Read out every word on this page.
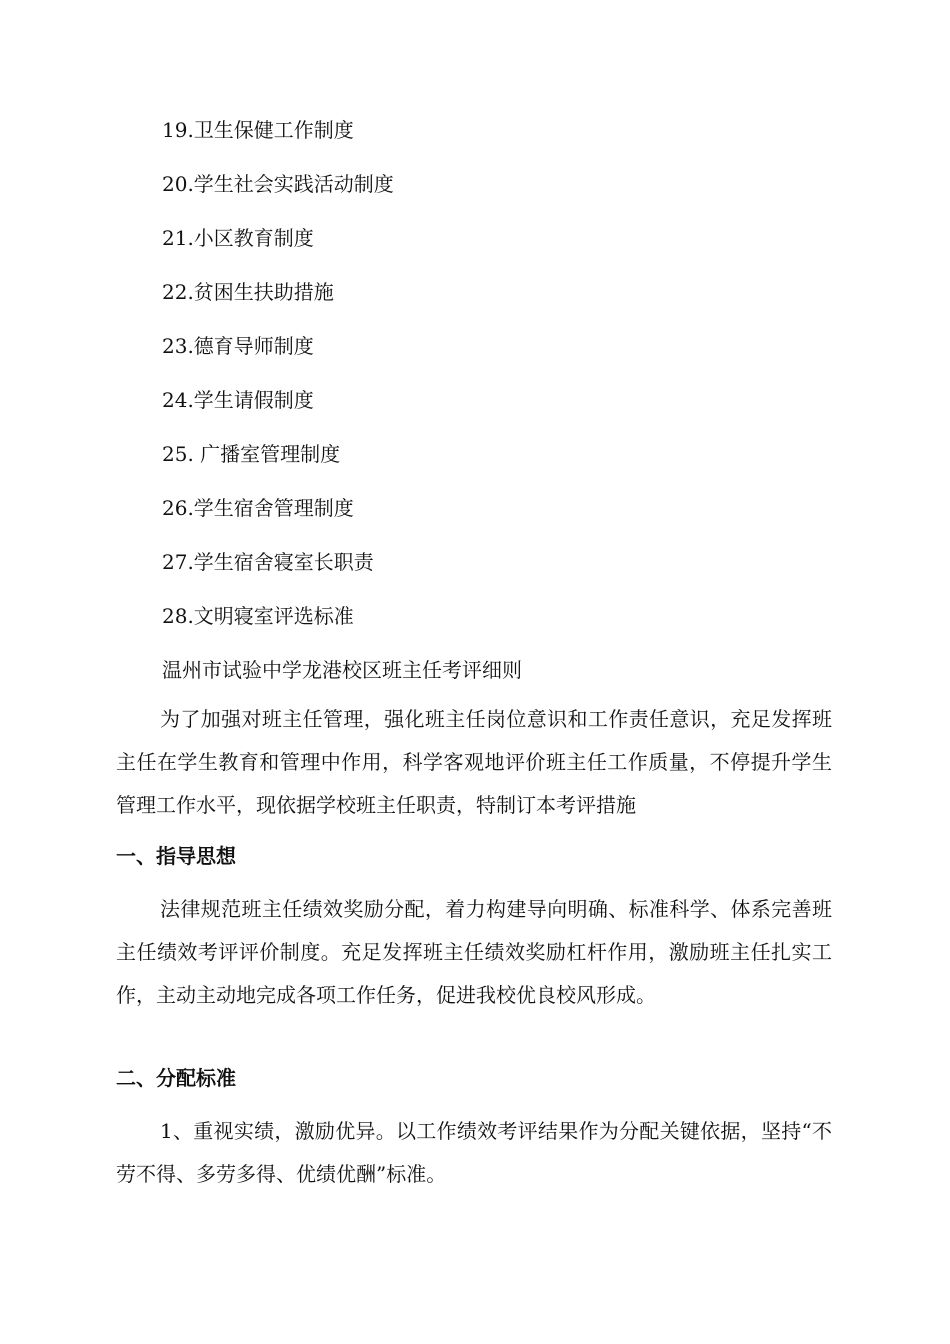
19.卫生保健工作制度
20.学生社会实践活动制度
21.小区教育制度
22.贫困生扶助措施
23.德育导师制度
24.学生请假制度
25. 广播室管理制度
26.学生宿舍管理制度
27.学生宿舍寝室长职责
28.文明寝室评选标准
温州市试验中学龙港校区班主任考评细则

为了加强对班主任管理，强化班主任岗位意识和工作责任意识，充足发挥班主任在学生教育和管理中作用，科学客观地评价班主任工作质量，不停提升学生管理工作水平，现依据学校班主任职责，特制订本考评措施

一、指导思想

法律规范班主任绩效奖励分配，着力构建导向明确、标准科学、体系完善班主任绩效考评评价制度。充足发挥班主任绩效奖励杠杆作用，激励班主任扎实工作，主动主动地完成各项工作任务，促进我校优良校风形成。

二、分配标准

1、重视实绩，激励优异。以工作绩效考评结果作为分配关键依据，坚持“不劳不得、多劳多得、优绩优酬”标准。
